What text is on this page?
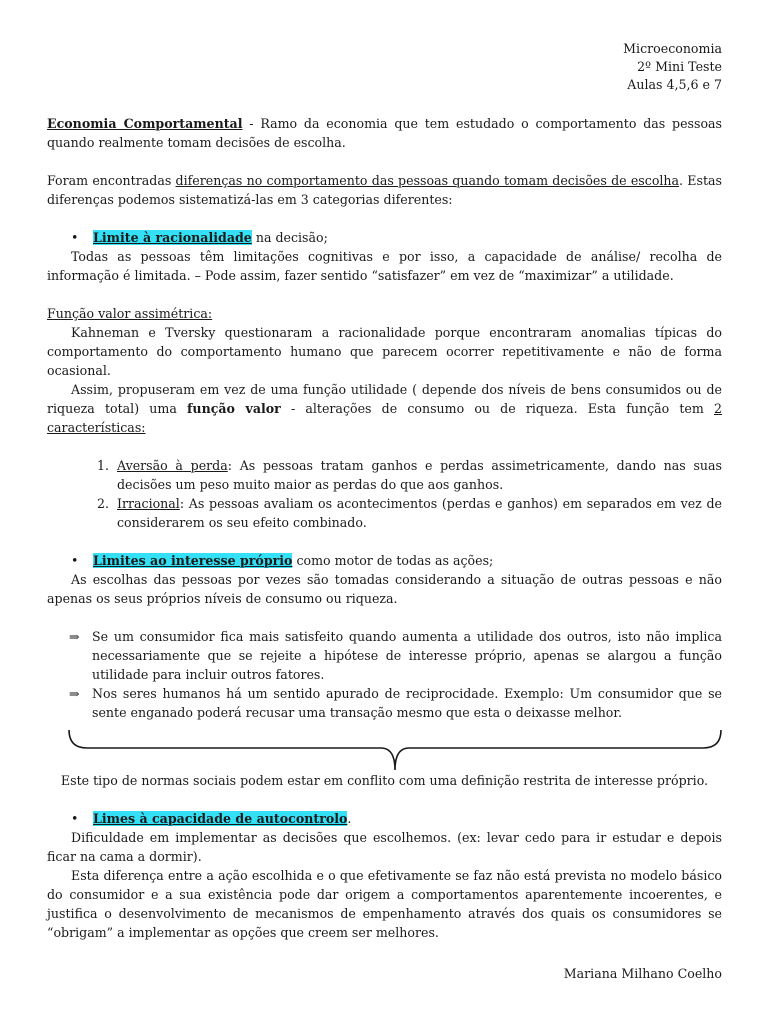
Microeconomia
2º Mini Teste
Aulas 4,5,6 e 7

Economia Comportamental - Ramo da economia que tem estudado o comportamento das pessoas quando realmente tomam decisões de escolha.

Foram encontradas diferenças no comportamento das pessoas quando tomam decisões de escolha. Estas diferenças podemos sistematizá-las em 3 categorias diferentes:

• Limite à racionalidade na decisão;

Todas as pessoas têm limitações cognitivas e por isso, a capacidade de análise/ recolha de informação é limitada. – Pode assim, fazer sentido “satisfazer” em vez de “maximizar” a utilidade.

Função valor assimétrica:

Kahneman e Tversky questionaram a racionalidade porque encontraram anomalias típicas do comportamento do comportamento humano que parecem ocorrer repetitivamente e não de forma ocasional.

Assim, propuseram em vez de uma função utilidade ( depende dos níveis de bens consumidos ou de riqueza total) uma função valor - alterações de consumo ou de riqueza. Esta função tem 2 características:

1. Aversão à perda: As pessoas tratam ganhos e perdas assimetricamente, dando nas suas decisões um peso muito maior as perdas do que aos ganhos.
2. Irracional: As pessoas avaliam os acontecimentos (perdas e ganhos) em separados em vez de considerarem os seu efeito combinado.

• Limites ao interesse próprio como motor de todas as ações;

As escolhas das pessoas por vezes são tomadas considerando a situação de outras pessoas e não apenas os seus próprios níveis de consumo ou riqueza.

⇒ Se um consumidor fica mais satisfeito quando aumenta a utilidade dos outros, isto não implica necessariamente que se rejeite a hipótese de interesse próprio, apenas se alargou a função utilidade para incluir outros fatores.
⇒ Nos seres humanos há um sentido apurado de reciprocidade. Exemplo: Um consumidor que se sente enganado poderá recusar uma transação mesmo que esta o deixasse melhor.

Este tipo de normas sociais podem estar em conflito com uma definição restrita de interesse próprio.

• Limes à capacidade de autocontrolo.

Dificuldade em implementar as decisões que escolhemos. (ex: levar cedo para ir estudar e depois ficar na cama a dormir).

Esta diferença entre a ação escolhida e o que efetivamente se faz não está prevista no modelo básico do consumidor e a sua existência pode dar origem a comportamentos aparentemente incoerentes, e justifica o desenvolvimento de mecanismos de empenhamento através dos quais os consumidores se “obrigam” a implementar as opções que creem ser melhores.

Mariana Milhano Coelho
